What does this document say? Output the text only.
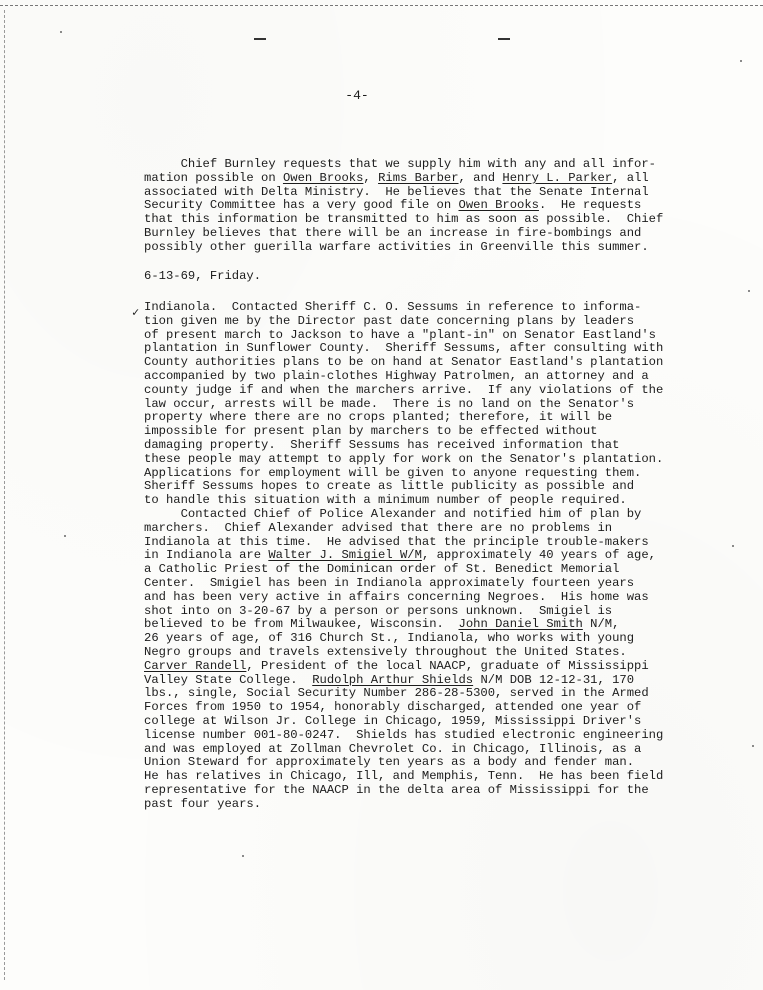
-4-
Chief Burnley requests that we supply him with any and all infor-
mation possible on Owen Brooks, Rims Barber, and Henry L. Parker, all
associated with Delta Ministry.  He believes that the Senate Internal
Security Committee has a very good file on Owen Brooks.  He requests
that this information be transmitted to him as soon as possible.  Chief
Burnley believes that there will be an increase in fire-bombings and
possibly other guerilla warfare activities in Greenville this summer.
6-13-69, Friday.
✓ Indianola.  Contacted Sheriff C. O. Sessums in reference to informa-
tion given me by the Director past date concerning plans by leaders
of present march to Jackson to have a "plant-in" on Senator Eastland's
plantation in Sunflower County.  Sheriff Sessums, after consulting with
County authorities plans to be on hand at Senator Eastland's plantation
accompanied by two plain-clothes Highway Patrolmen, an attorney and a
county judge if and when the marchers arrive.  If any violations of the
law occur, arrests will be made.  There is no land on the Senator's
property where there are no crops planted; therefore, it will be
impossible for present plan by marchers to be effected without
damaging property.  Sheriff Sessums has received information that
these people may attempt to apply for work on the Senator's plantation.
Applications for employment will be given to anyone requesting them.
Sheriff Sessums hopes to create as little publicity as possible and
to handle this situation with a minimum number of people required.
Contacted Chief of Police Alexander and notified him of plan by
marchers.  Chief Alexander advised that there are no problems in
Indianola at this time.  He advised that the principle trouble-makers
in Indianola are Walter J. Smigiel W/M, approximately 40 years of age,
a Catholic Priest of the Dominican order of St. Benedict Memorial
Center.  Smigiel has been in Indianola approximately fourteen years
and has been very active in affairs concerning Negroes.  His home was
shot into on 3-20-67 by a person or persons unknown.  Smigiel is
believed to be from Milwaukee, Wisconsin.  John Daniel Smith N/M,
26 years of age, of 316 Church St., Indianola, who works with young
Negro groups and travels extensively throughout the United States.
Carver Randell, President of the local NAACP, graduate of Mississippi
Valley State College.  Rudolph Arthur Shields N/M DOB 12-12-31, 170
lbs., single, Social Security Number 286-28-5300, served in the Armed
Forces from 1950 to 1954, honorably discharged, attended one year of
college at Wilson Jr. College in Chicago, 1959, Mississippi Driver's
license number 001-80-0247.  Shields has studied electronic engineering
and was employed at Zollman Chevrolet Co. in Chicago, Illinois, as a
Union Steward for approximately ten years as a body and fender man.
He has relatives in Chicago, Ill, and Memphis, Tenn.  He has been field
representative for the NAACP in the delta area of Mississippi for the
past four years.
